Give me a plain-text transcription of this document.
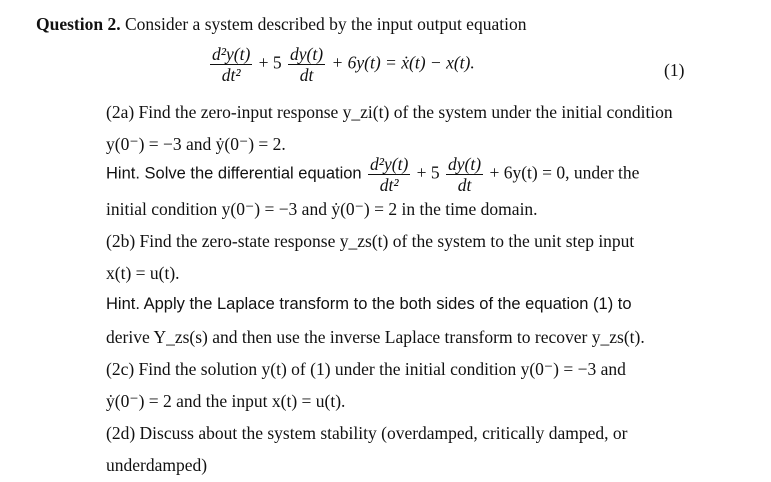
Question 2. Consider a system described by the input output equation
$\frac{\text{d²y(t)}}{\text{dt²}} + 5 \frac{dy(t)}{dt} + 6y(t)$ = ẋ(t) − x(t).	(1)
(2a) Find the zero-input response y_zi(t) of the system under the initial condition
y(0⁻) = −3 and ẏ(0⁻) = 2.
Hint. Solve the differential equation $\frac{\text{d²y(t)}}{\text{dt²}} + 5 \frac{dy(t)}{dt} + 6y(t) = 0$, under the
initial condition y(0⁻) = −3 and ẏ(0⁻) = 2 in the time domain.
(2b) Find the zero-state response y_zs(t) of the system to the unit step input
x(t) = u(t).
Hint. Apply the Laplace transform to the both sides of the equation (1) to
derive Y_zs(s) and then use the inverse Laplace transform to recover y_zs(t).
(2c) Find the solution y(t) of (1) under the initial condition y(0⁻) = −3 and
ẏ(0⁻) = 2 and the input x(t) = u(t).
(2d) Discuss about the system stability (overdamped, critically damped, or
underdamped)
